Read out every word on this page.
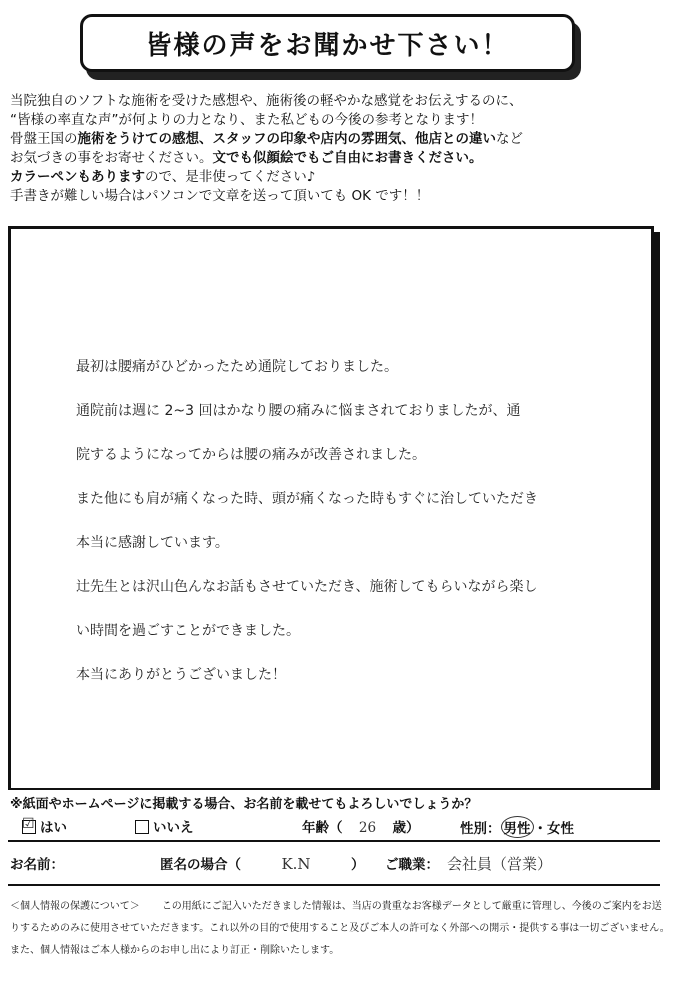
皆様の声をお聞かせ下さい！
当院独自のソフトな施術を受けた感想や、施術後の軽やかな感覚をお伝えするのに、
“皆様の率直な声”が何よりの力となり、また私どもの今後の参考となります！
骨盤王国の施術をうけての感想、スタッフの印象や店内の雰囲気、他店との違いなど
お気づきの事をお寄せください。文でも似顔絵でもご自由にお書きください。
カラーペンもありますので、是非使ってください♪
手書きが難しい場合はパソコンで文章を送って頂いても OK です！！
最初は腰痛がひどかったため通院しておりました。
通院前は週に 2~3 回はかなり腰の痛みに悩まされておりましたが、通
院するようになってからは腰の痛みが改善されました。
また他にも肩が痛くなった時、頭が痛くなった時もすぐに治していただき
本当に感謝しています。
辻先生とは沢山色んなお話もさせていただき、施術してもらいながら楽し
い時間を過ごすことができました。
本当にありがとうございました！
※紙面やホームページに掲載する場合、お名前を載せてもよろしいでしょうか？
☑ はい	いいえ	年齢（ 26 歳）	性別： 男性 ・女性
お名前：	匿名の場合（	K.N	） ご職業： 会社員（営業）
＜個人情報の保護について＞ この用紙にご記入いただきました情報は、当店の貴重なお客様データとして厳重に管理し、今後のご案内をお送
りするためのみに使用させていただきます。これ以外の目的で使用すること及びご本人の許可なく外部への開示・提供する事は一切ございません。
また、個人情報はご本人様からのお申し出により訂正・削除いたします。
